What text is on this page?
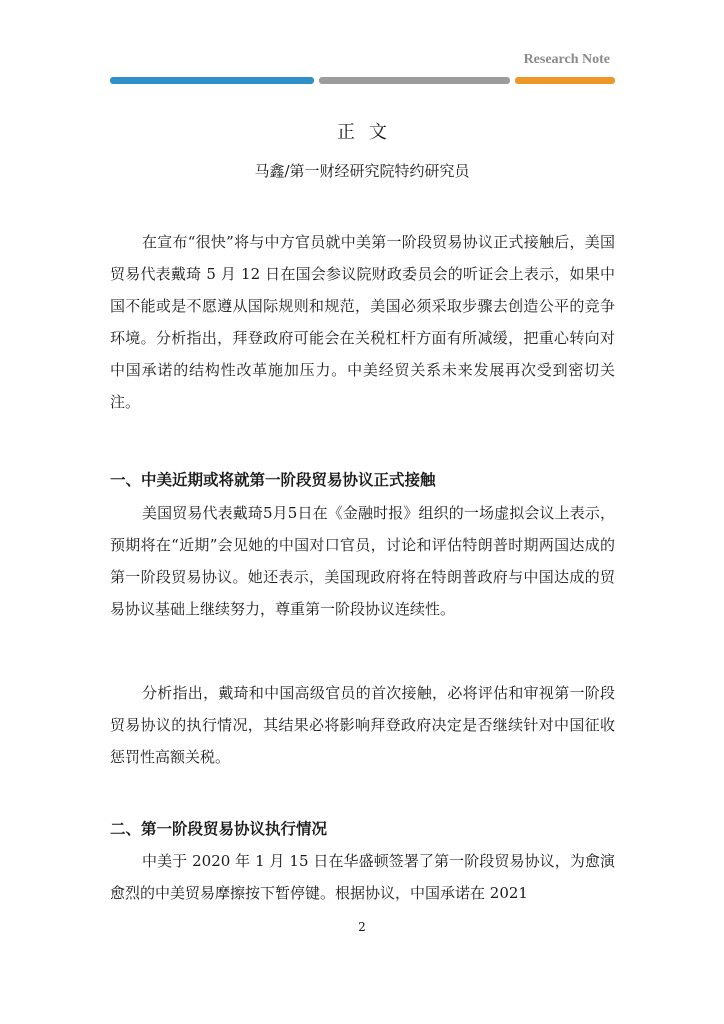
Research Note
正文
马鑫/第一财经研究院特约研究员

在宣布“很快”将与中方官员就中美第一阶段贸易协议正式接触后，美国贸易代表戴琦 5 月 12 日在国会参议院财政委员会的听证会上表示，如果中国不能或是不愿遵从国际规则和规范，美国必须采取步骤去创造公平的竞争环境。分析指出，拜登政府可能会在关税杠杆方面有所减缓，把重心转向对中国承诺的结构性改革施加压力。中美经贸关系未来发展再次受到密切关注。

一、中美近期或将就第一阶段贸易协议正式接触

美国贸易代表戴琦5月5日在《金融时报》组织的一场虚拟会议上表示，预期将在“近期”会见她的中国对口官员，讨论和评估特朗普时期两国达成的第一阶段贸易协议。她还表示，美国现政府将在特朗普政府与中国达成的贸易协议基础上继续努力，尊重第一阶段协议连续性。

分析指出，戴琦和中国高级官员的首次接触，必将评估和审视第一阶段贸易协议的执行情况，其结果必将影响拜登政府决定是否继续针对中国征收惩罚性高额关税。

二、第一阶段贸易协议执行情况

中美于 2020 年 1 月 15 日在华盛顿签署了第一阶段贸易协议，为愈演愈烈的中美贸易摩擦按下暂停键。根据协议，中国承诺在 2021

2
